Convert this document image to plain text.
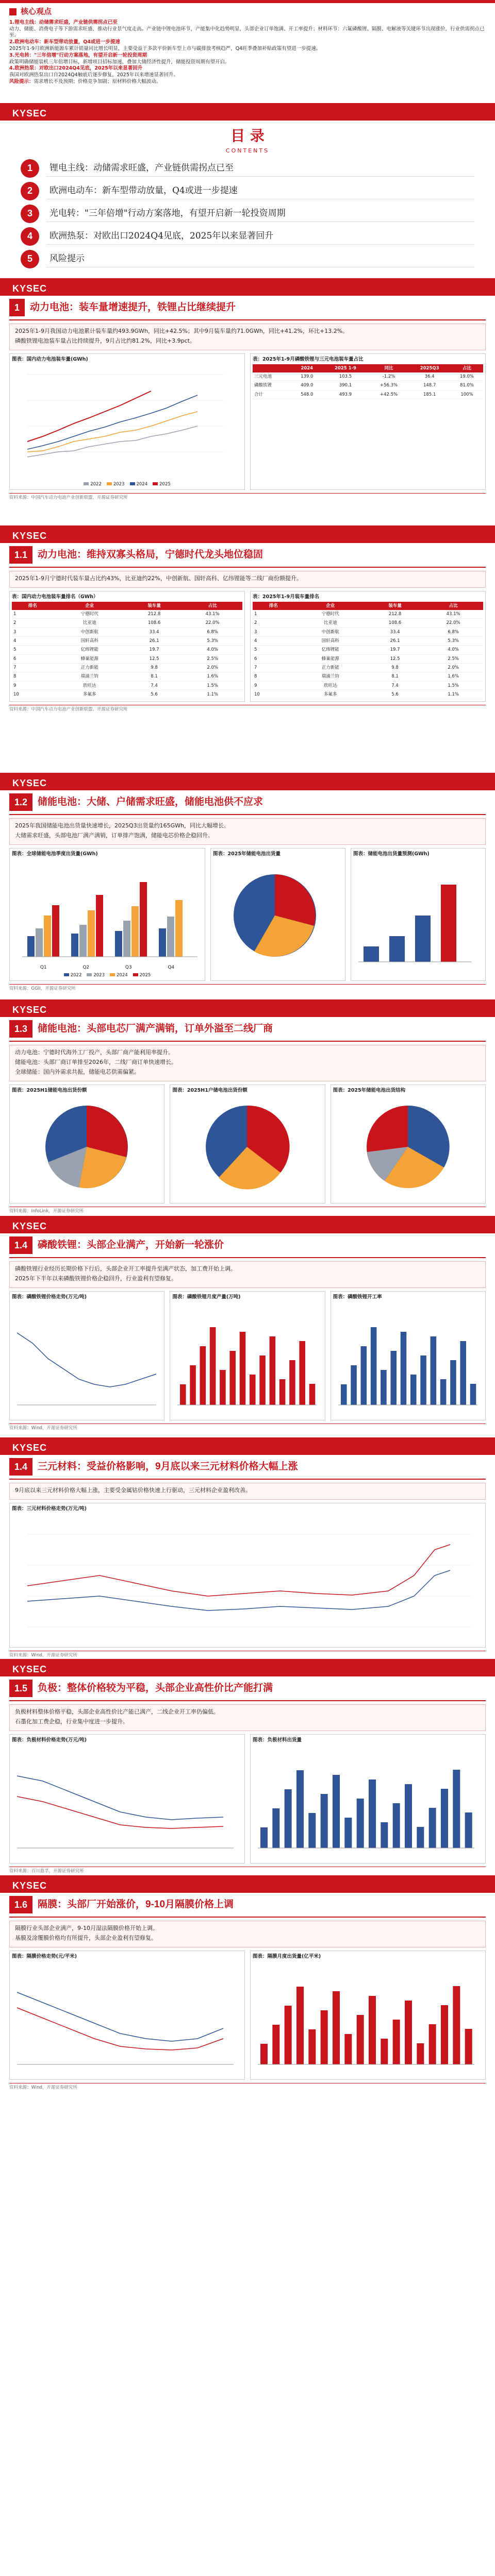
核心观点

1.锂电主线：动储需求旺盛，产业链供需拐点已至

动力、储能、消费电子等下游需求旺盛，推动行业景气度走高。产业链中锂电池环节，产能集中化趋势明显，头部企业订单饱满、开工率提升；材料环节：六氟磷酸锂、隔膜、电解液等关键环节出现涨价，行业供需拐点已至。

2.欧洲电动车：新车型带动放量，Q4或进一步提速

2025年1-9月欧洲新能源车累计销量同比增长明显，主要受益于多款平价新车型上市与碳排放考核趋严，Q4旺季叠加补贴政策有望进一步提速。

3.光电转："三年倍增"行动方案落地，有望开启新一轮投资周期

政策明确储能装机三年倍增目标，新增项目招标加速，叠加大储经济性提升，储能投资周期有望开启。

4.欧洲热泵：对欧出口2024Q4见底，2025年以来显著回升

我国对欧洲热泵出口自2024Q4触底后逐步修复，2025年以来增速显著回升。

风险提示：需求增长不及预期；价格竞争加剧；原材料价格大幅波动。

KYSEC
目 录
CONTENTS
1	锂电主线：动储需求旺盛，产业链供需拐点已至
2	欧洲电动车：新车型带动放量，Q4或进一步提速
3	光电转："三年倍增"行动方案落地，有望开启新一轮投资周期
4	欧洲热泵：对欧出口2024Q4见底，2025年以来显著回升
5	风险提示
KYSEC
1	动力电池：装车量增速提升，铁锂占比继续提升

2025年1-9月我国动力电池累计装车量约493.9GWh，同比+42.5%；其中9月装车量约71.0GWh，同比+41.2%，环比+13.2%。

磷酸铁锂电池装车量占比持续提升，9月占比约81.2%，同比+3.9pct。

图表：国内动力电池装车量(GWh)
2022	2023	2024	2025
表：2025年1-9月磷酸铁锂与三元电池装车量占比
	2024	2025 1-9	同比	2025Q3	占比
三元电池	139.0	103.5	-1.2%	36.4	19.0%
磷酸铁锂	409.0	390.1	+56.3%	148.7	81.0%
合计	548.0	493.9	+42.5%	185.1	100%
资料来源：中国汽车动力电池产业创新联盟，开源证券研究所
KYSEC
1.1	动力电池：维持双寡头格局，宁德时代龙头地位稳固

2025年1-9月宁德时代装车量占比约43%，比亚迪约22%，中创新航、国轩高科、亿纬锂能等二线厂商份额提升。

表：国内动力电池装车量排名（GWh）
排名	企业	装车量	占比
1	宁德时代	212.8	43.1%
2	比亚迪	108.6	22.0%
3	中创新航	33.4	6.8%
4	国轩高科	26.1	5.3%
5	亿纬锂能	19.7	4.0%
6	蜂巢能源	12.5	2.5%
7	正力新能	9.8	2.0%
8	瑞浦兰钧	8.1	1.6%
9	欣旺达	7.4	1.5%
10	多氟多	5.6	1.1%
表：2025年1-9月装车量排名
排名	企业	装车量	占比
1	宁德时代	212.8	43.1%
2	比亚迪	108.6	22.0%
3	中创新航	33.4	6.8%
4	国轩高科	26.1	5.3%
5	亿纬锂能	19.7	4.0%
6	蜂巢能源	12.5	2.5%
7	正力新能	9.8	2.0%
8	瑞浦兰钧	8.1	1.6%
9	欣旺达	7.4	1.5%
10	多氟多	5.6	1.1%
资料来源：中国汽车动力电池产业创新联盟，开源证券研究所
KYSEC
1.2	储能电池：大储、户储需求旺盛，储能电池供不应求

2025年我国储能电池出货量快速增长，2025Q3出货量约165GWh，同比大幅增长。

大储需求旺盛，头部电池厂满产满销，订单排产饱满，储能电芯价格企稳回升。

图表：全球储能电池季度出货量(GWh)
Q1	Q2	Q3	Q4
2022	2023	2024	2025
图表：2025年储能电池出货量	图表：储能电池出货量预测(GWh)
资料来源：GGII，开源证券研究所
KYSEC
1.3	储能电池：头部电芯厂满产满销，订单外溢至二线厂商

动力电池：宁德时代海外工厂投产，头部厂商产能利用率提升。

储能电池：头部厂商订单排至2026年，二线厂商订单快速增长。

全球储能：国内外需求共振，储能电芯供需偏紧。

图表：2025H1储能电池出货份额	图表：2025H1户储电池出货份额	图表：2025年储能电池出货结构
资料来源：InfoLink，开源证券研究所
KYSEC
1.4	磷酸铁锂：头部企业满产，开始新一轮涨价

磷酸铁锂行业经历长期价格下行后，头部企业开工率提升至满产状态，加工费开始上调。

2025年下半年以来磷酸铁锂价格企稳回升，行业盈利有望修复。

图表：磷酸铁锂价格走势(万元/吨)	图表：磷酸铁锂月度产量(万吨)	图表：磷酸铁锂开工率
资料来源：Wind，开源证券研究所
KYSEC
1.4	三元材料：受益价格影响，9月底以来三元材料价格大幅上涨

9月底以来三元材料价格大幅上涨，主要受金属钴价格快速上行驱动，三元材料企业盈利改善。

图表：三元材料价格走势(万元/吨)
资料来源：Wind，开源证券研究所
KYSEC
1.5	负极：整体价格较为平稳，头部企业高性价比产能打满

负极材料整体价格平稳，头部企业高性价比产能已满产，二线企业开工率仍偏低。

石墨化加工费企稳，行业集中度进一步提升。

图表：负极材料价格走势(万元/吨)	图表：负极材料出货量
资料来源：百川盈孚，开源证券研究所
KYSEC
1.6	隔膜：头部厂开始涨价，9-10月隔膜价格上调

隔膜行业头部企业满产，9-10月湿法隔膜价格开始上调。

基膜及涂覆膜价格均有所提升，头部企业盈利有望修复。

图表：隔膜价格走势(元/平米)	图表：隔膜月度出货量(亿平米)
资料来源：Wind，开源证券研究所
